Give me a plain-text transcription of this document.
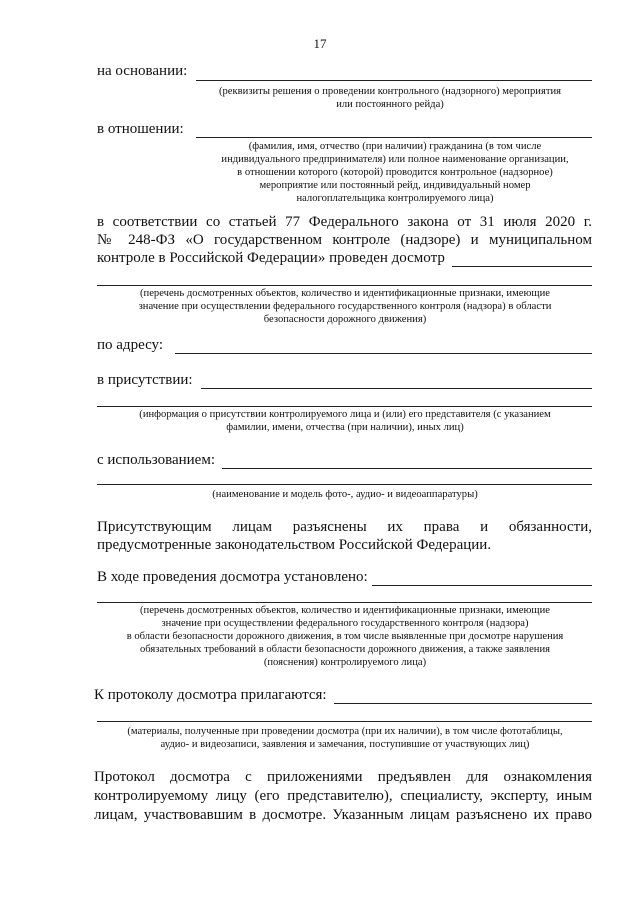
17
на основании:
(реквизиты решения о проведении контрольного (надзорного) мероприятия
или постоянного рейда)
в отношении:
(фамилия, имя, отчество (при наличии) гражданина (в том числе
индивидуального предпринимателя) или полное наименование организации,
в отношении которого (которой) проводится контрольное (надзорное)
мероприятие или постоянный рейд, индивидуальный номер
налогоплательщика контролируемого лица)
в соответствии со статьей 77 Федерального закона от 31 июля 2020 г.
№ 248-ФЗ «О государственном контроле (надзоре) и муниципальном
контроле в Российской Федерации» проведен досмотр
(перечень досмотренных объектов, количество и идентификационные признаки, имеющие
значение при осуществлении федерального государственного контроля (надзора) в области
безопасности дорожного движения)
по адресу:
в присутствии:
(информация о присутствии контролируемого лица и (или) его представителя (с указанием
фамилии, имени, отчества (при наличии), иных лиц)
с использованием:
(наименование и модель фото-, аудио- и видеоаппаратуры)
Присутствующим лицам разъяснены их права и обязанности,
предусмотренные законодательством Российской Федерации.
В ходе проведения досмотра установлено:
(перечень досмотренных объектов, количество и идентификационные признаки, имеющие
значение при осуществлении федерального государственного контроля (надзора)
в области безопасности дорожного движения, в том числе выявленные при досмотре нарушения
обязательных требований в области безопасности дорожного движения, а также заявления
(пояснения) контролируемого лица)
К протоколу досмотра прилагаются:
(материалы, полученные при проведении досмотра (при их наличии), в том числе фототаблицы,
аудио- и видеозаписи, заявления и замечания, поступившие от участвующих лиц)
Протокол досмотра с приложениями предъявлен для ознакомления
контролируемому лицу (его представителю), специалисту, эксперту, иным
лицам, участвовавшим в досмотре. Указанным лицам разъяснено их право
